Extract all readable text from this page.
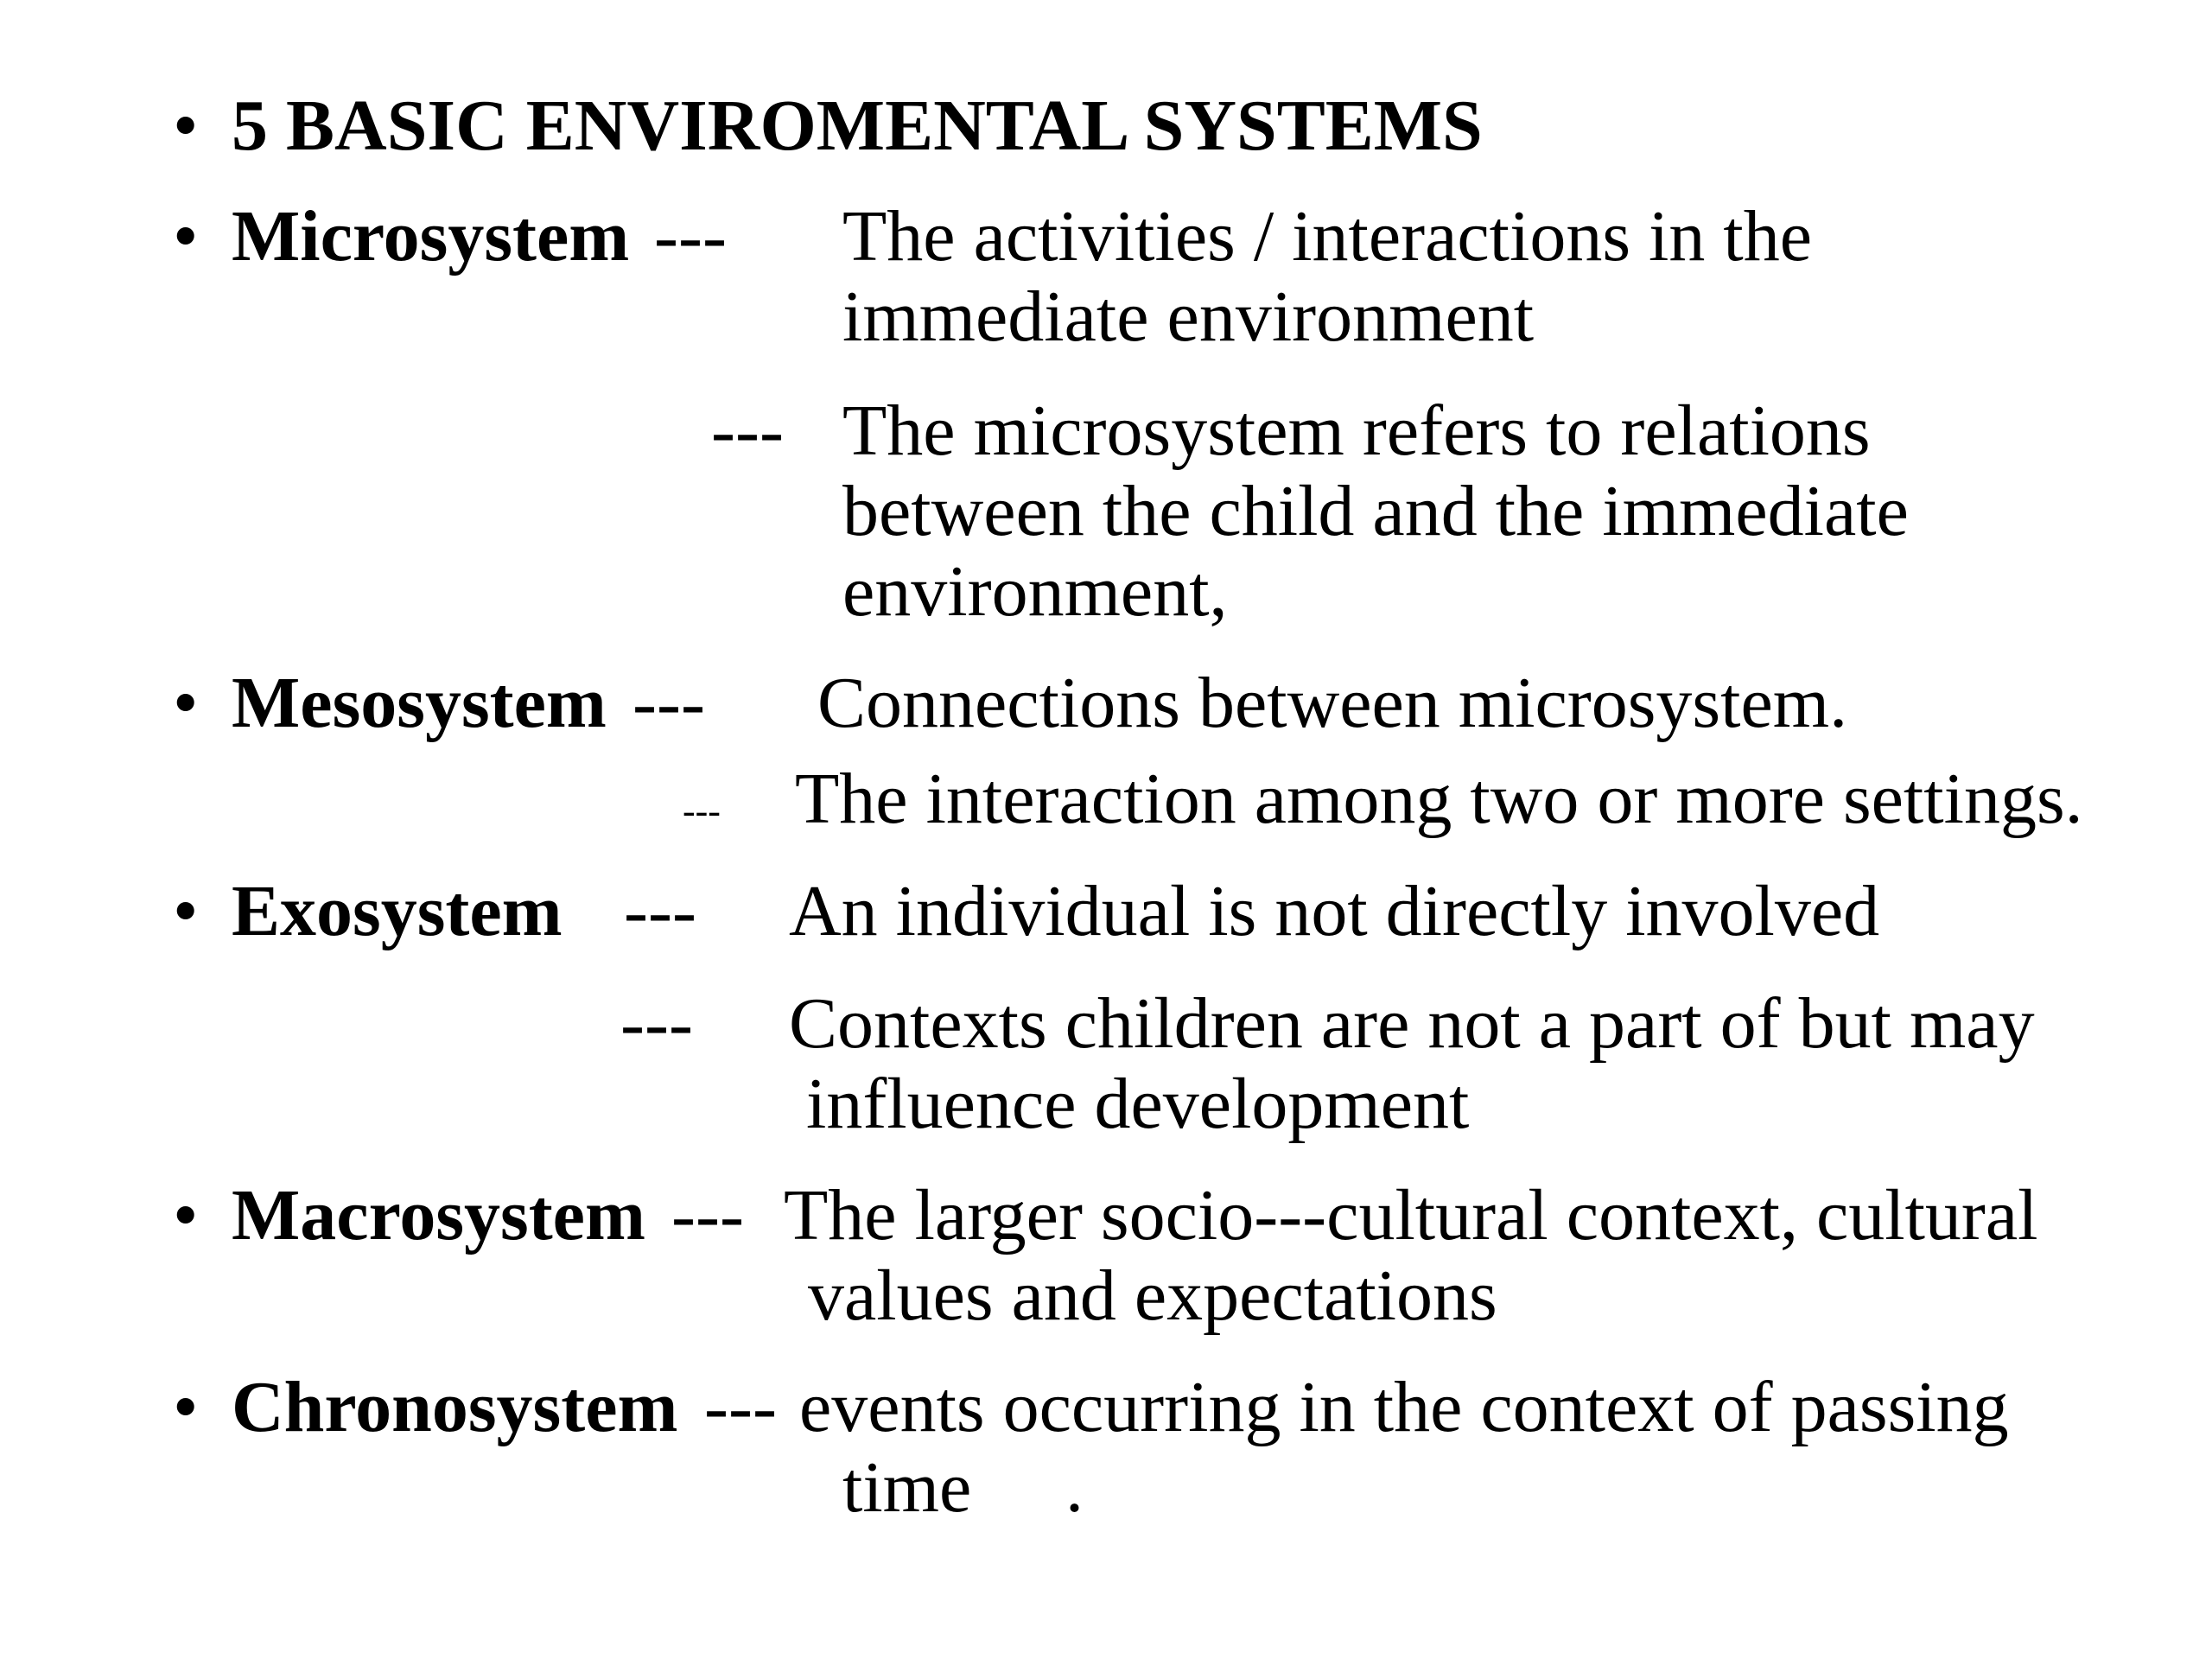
• 5 BASIC ENVIROMENTAL SYSTEMS
• Microsystem --- The activities / interactions in the
immediate environment
--- The microsystem refers to relations
between the child and the immediate
environment,
• Mesosystem --- Connections between microsystem.
--- The interaction among two or more settings.
• Exosystem --- An individual is not directly involved
--- Contexts children are not a part of but may
influence development
• Macrosystem --- The larger socio---cultural context, cultural
values and expectations
• Chronosystem --- events occurring in the context of passing
time .
